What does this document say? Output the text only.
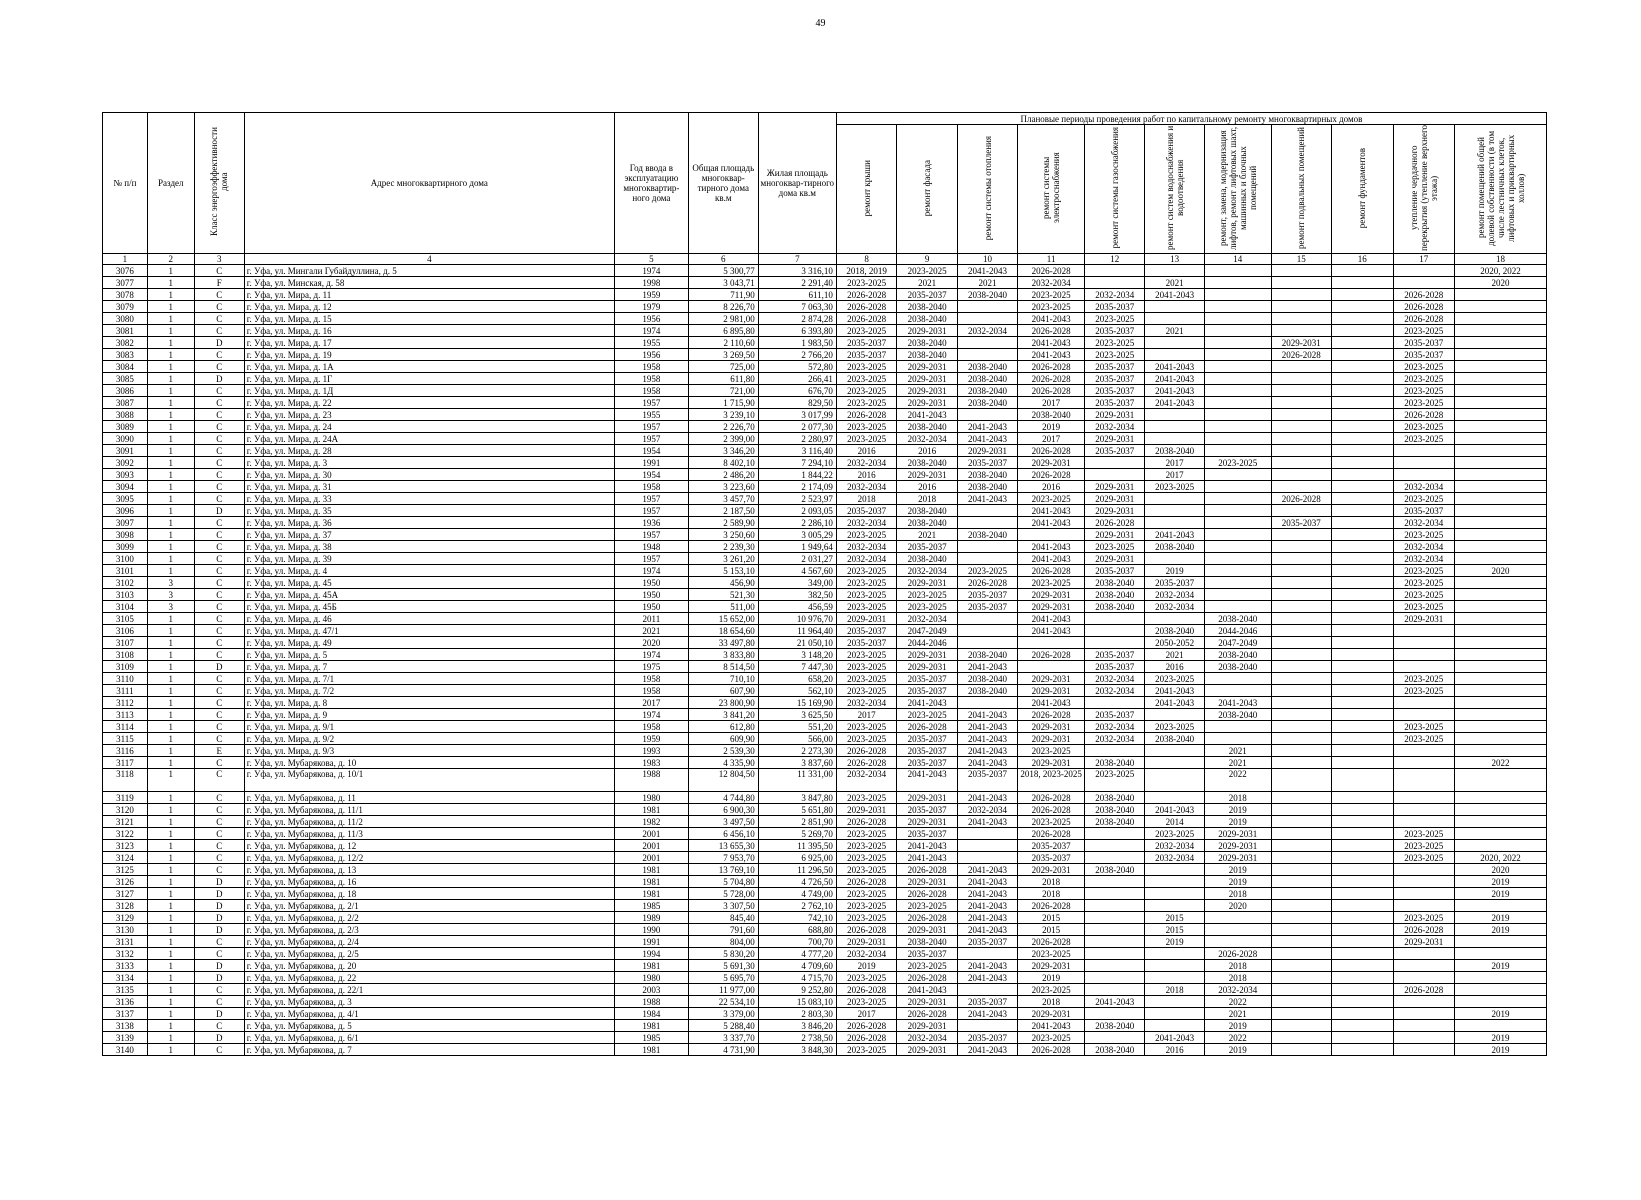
49
№ п/п	Раздел	Класс энергоэффективности дома	Адрес многоквартирного дома	Год ввода в эксплуатацию многоквартир-ного дома	Общая площадь многоквар-тирного дома кв.м	Жилая площадь многоквар-тирного дома кв.м	Плановые периоды проведения работ по капитальному ремонту многоквартирных домов										
							ремонт крыши	ремонт фасада	ремонт системы отопления	ремонт системы электроснабжения	ремонт системы газоснабжения	ремонт систем водоснабжения и водоотведения	ремонт, замена, модернизация лифтов, ремонт лифтовых шахт, машинных и блочных помещений	ремонт подвальных помещений	ремонт фундаментов	утепление чердачного перекрытия (утепление верхнего этажа)	ремонт помещений общей долевой собственности (в том числе лестничных клеток, лифтовых и приквартирных холлов)
1	2	3	4	5	6	7	8	9	10	11	12	13	14	15	16	17	18
3076	1	C	г. Уфа, ул. Мингали Губайдуллина, д. 5	1974	5 300,77	3 316,10	2018, 2019	2023-2025	2041-2043	2026-2028							2020, 2022
3077	1	F	г. Уфа, ул. Минская, д. 58	1998	3 043,71	2 291,40	2023-2025	2021	2021	2032-2034		2021					2020
3078	1	C	г. Уфа, ул. Мира, д. 11	1959	711,90	611,10	2026-2028	2035-2037	2038-2040	2023-2025	2032-2034	2041-2043				2026-2028	
3079	1	C	г. Уфа, ул. Мира, д. 12	1979	8 226,70	7 063,30	2026-2028	2038-2040		2023-2025	2035-2037					2026-2028	
3080	1	C	г. Уфа, ул. Мира, д. 15	1956	2 981,00	2 874,28	2026-2028	2038-2040		2041-2043	2023-2025					2026-2028	
3081	1	C	г. Уфа, ул. Мира, д. 16	1974	6 895,80	6 393,80	2023-2025	2029-2031	2032-2034	2026-2028	2035-2037	2021				2023-2025	
3082	1	D	г. Уфа, ул. Мира, д. 17	1955	2 110,60	1 983,50	2035-2037	2038-2040		2041-2043	2023-2025			2029-2031		2035-2037	
3083	1	C	г. Уфа, ул. Мира, д. 19	1956	3 269,50	2 766,20	2035-2037	2038-2040		2041-2043	2023-2025			2026-2028		2035-2037	
3084	1	C	г. Уфа, ул. Мира, д. 1А	1958	725,00	572,80	2023-2025	2029-2031	2038-2040	2026-2028	2035-2037	2041-2043				2023-2025	
3085	1	D	г. Уфа, ул. Мира, д. 1Г	1958	611,80	266,41	2023-2025	2029-2031	2038-2040	2026-2028	2035-2037	2041-2043				2023-2025	
3086	1	C	г. Уфа, ул. Мира, д. 1Д	1958	721,00	676,70	2023-2025	2029-2031	2038-2040	2026-2028	2035-2037	2041-2043				2023-2025	
3087	1	C	г. Уфа, ул. Мира, д. 22	1957	1 715,90	829,50	2023-2025	2029-2031	2038-2040	2017	2035-2037	2041-2043				2023-2025	
3088	1	C	г. Уфа, ул. Мира, д. 23	1955	3 239,10	3 017,99	2026-2028	2041-2043		2038-2040	2029-2031					2026-2028	
3089	1	C	г. Уфа, ул. Мира, д. 24	1957	2 226,70	2 077,30	2023-2025	2038-2040	2041-2043	2019	2032-2034					2023-2025	
3090	1	C	г. Уфа, ул. Мира, д. 24А	1957	2 399,00	2 280,97	2023-2025	2032-2034	2041-2043	2017	2029-2031					2023-2025	
3091	1	C	г. Уфа, ул. Мира, д. 28	1954	3 346,20	3 116,40	2016	2016	2029-2031	2026-2028	2035-2037	2038-2040					
3092	1	C	г. Уфа, ул. Мира, д. 3	1991	8 402,10	7 294,10	2032-2034	2038-2040	2035-2037	2029-2031		2017	2023-2025				
3093	1	C	г. Уфа, ул. Мира, д. 30	1954	2 486,20	1 844,22	2016	2029-2031	2038-2040	2026-2028		2017					
3094	1	C	г. Уфа, ул. Мира, д. 31	1958	3 223,60	2 174,09	2032-2034	2016	2038-2040	2016	2029-2031	2023-2025				2032-2034	
3095	1	C	г. Уфа, ул. Мира, д. 33	1957	3 457,70	2 523,97	2018	2018	2041-2043	2023-2025	2029-2031			2026-2028		2023-2025	
3096	1	D	г. Уфа, ул. Мира, д. 35	1957	2 187,50	2 093,05	2035-2037	2038-2040		2041-2043	2029-2031					2035-2037	
3097	1	C	г. Уфа, ул. Мира, д. 36	1936	2 589,90	2 286,10	2032-2034	2038-2040		2041-2043	2026-2028			2035-2037		2032-2034	
3098	1	C	г. Уфа, ул. Мира, д. 37	1957	3 250,60	3 005,29	2023-2025	2021	2038-2040		2029-2031	2041-2043				2023-2025	
3099	1	C	г. Уфа, ул. Мира, д. 38	1948	2 239,30	1 949,64	2032-2034	2035-2037		2041-2043	2023-2025	2038-2040				2032-2034	
3100	1	C	г. Уфа, ул. Мира, д. 39	1957	3 261,20	2 031,27	2032-2034	2038-2040		2041-2043	2029-2031					2032-2034	
3101	1	C	г. Уфа, ул. Мира, д. 4	1974	5 153,10	4 567,60	2023-2025	2032-2034	2023-2025	2026-2028	2035-2037	2019				2023-2025	2020
3102	3	C	г. Уфа, ул. Мира, д. 45	1950	456,90	349,00	2023-2025	2029-2031	2026-2028	2023-2025	2038-2040	2035-2037				2023-2025	
3103	3	C	г. Уфа, ул. Мира, д. 45А	1950	521,30	382,50	2023-2025	2023-2025	2035-2037	2029-2031	2038-2040	2032-2034				2023-2025	
3104	3	C	г. Уфа, ул. Мира, д. 45Б	1950	511,00	456,59	2023-2025	2023-2025	2035-2037	2029-2031	2038-2040	2032-2034				2023-2025	
3105	1	C	г. Уфа, ул. Мира, д. 46	2011	15 652,00	10 976,70	2029-2031	2032-2034		2041-2043			2038-2040			2029-2031	
3106	1	C	г. Уфа, ул. Мира, д. 47/1	2021	18 654,60	11 964,40	2035-2037	2047-2049		2041-2043		2038-2040	2044-2046				
3107	1	C	г. Уфа, ул. Мира, д. 49	2020	33 497,80	21 050,10	2035-2037	2044-2046				2050-2052	2047-2049				
3108	1	C	г. Уфа, ул. Мира, д. 5	1974	3 833,80	3 148,20	2023-2025	2029-2031	2038-2040	2026-2028	2035-2037	2021	2038-2040				
3109	1	D	г. Уфа, ул. Мира, д. 7	1975	8 514,50	7 447,30	2023-2025	2029-2031	2041-2043		2035-2037	2016	2038-2040				
3110	1	C	г. Уфа, ул. Мира, д. 7/1	1958	710,10	658,20	2023-2025	2035-2037	2038-2040	2029-2031	2032-2034	2023-2025				2023-2025	
3111	1	C	г. Уфа, ул. Мира, д. 7/2	1958	607,90	562,10	2023-2025	2035-2037	2038-2040	2029-2031	2032-2034	2041-2043				2023-2025	
3112	1	C	г. Уфа, ул. Мира, д. 8	2017	23 800,90	15 169,90	2032-2034	2041-2043		2041-2043		2041-2043	2041-2043				
3113	1	C	г. Уфа, ул. Мира, д. 9	1974	3 841,20	3 625,50	2017	2023-2025	2041-2043	2026-2028	2035-2037		2038-2040				
3114	1	C	г. Уфа, ул. Мира, д. 9/1	1958	612,80	551,20	2023-2025	2026-2028	2041-2043	2029-2031	2032-2034	2023-2025				2023-2025	
3115	1	C	г. Уфа, ул. Мира, д. 9/2	1959	609,90	566,00	2023-2025	2035-2037	2041-2043	2029-2031	2032-2034	2038-2040				2023-2025	
3116	1	E	г. Уфа, ул. Мира, д. 9/3	1993	2 539,30	2 273,30	2026-2028	2035-2037	2041-2043	2023-2025			2021				
3117	1	C	г. Уфа, ул. Мубарякова, д. 10	1983	4 335,90	3 837,60	2026-2028	2035-2037	2041-2043	2029-2031	2038-2040		2021				2022
3118	1	C	г. Уфа, ул. Мубарякова, д. 10/1	1988	12 804,50	11 331,00	2032-2034	2041-2043	2035-2037	2018, 2023-2025	2023-2025		2022				
3119	1	C	г. Уфа, ул. Мубарякова, д. 11	1980	4 744,80	3 847,80	2023-2025	2029-2031	2041-2043	2026-2028	2038-2040		2018				
3120	1	C	г. Уфа, ул. Мубарякова, д. 11/1	1981	6 900,30	5 651,80	2029-2031	2035-2037	2032-2034	2026-2028	2038-2040	2041-2043	2019				
3121	1	C	г. Уфа, ул. Мубарякова, д. 11/2	1982	3 497,50	2 851,90	2026-2028	2029-2031	2041-2043	2023-2025	2038-2040	2014	2019				
3122	1	C	г. Уфа, ул. Мубарякова, д. 11/3	2001	6 456,10	5 269,70	2023-2025	2035-2037		2026-2028		2023-2025	2029-2031			2023-2025	
3123	1	C	г. Уфа, ул. Мубарякова, д. 12	2001	13 655,30	11 395,50	2023-2025	2041-2043		2035-2037		2032-2034	2029-2031			2023-2025	
3124	1	C	г. Уфа, ул. Мубарякова, д. 12/2	2001	7 953,70	6 925,00	2023-2025	2041-2043		2035-2037		2032-2034	2029-2031			2023-2025	2020, 2022
3125	1	C	г. Уфа, ул. Мубарякова, д. 13	1981	13 769,10	11 296,50	2023-2025	2026-2028	2041-2043	2029-2031	2038-2040		2019				2020
3126	1	D	г. Уфа, ул. Мубарякова, д. 16	1981	5 704,80	4 726,50	2026-2028	2029-2031	2041-2043	2018			2019				2019
3127	1	D	г. Уфа, ул. Мубарякова, д. 18	1981	5 728,00	4 749,00	2023-2025	2026-2028	2041-2043	2018			2018				2019
3128	1	D	г. Уфа, ул. Мубарякова, д. 2/1	1985	3 307,50	2 762,10	2023-2025	2023-2025	2041-2043	2026-2028			2020				
3129	1	D	г. Уфа, ул. Мубарякова, д. 2/2	1989	845,40	742,10	2023-2025	2026-2028	2041-2043	2015		2015				2023-2025	2019
3130	1	D	г. Уфа, ул. Мубарякова, д. 2/3	1990	791,60	688,80	2026-2028	2029-2031	2041-2043	2015		2015				2026-2028	2019
3131	1	C	г. Уфа, ул. Мубарякова, д. 2/4	1991	804,00	700,70	2029-2031	2038-2040	2035-2037	2026-2028		2019				2029-2031	
3132	1	C	г. Уфа, ул. Мубарякова, д. 2/5	1994	5 830,20	4 777,20	2032-2034	2035-2037		2023-2025			2026-2028				
3133	1	D	г. Уфа, ул. Мубарякова, д. 20	1981	5 691,30	4 709,60	2019	2023-2025	2041-2043	2029-2031			2018				2019
3134	1	D	г. Уфа, ул. Мубарякова, д. 22	1980	5 695,70	4 715,70	2023-2025	2026-2028	2041-2043	2019			2018				
3135	1	C	г. Уфа, ул. Мубарякова, д. 22/1	2003	11 977,00	9 252,80	2026-2028	2041-2043		2023-2025		2018	2032-2034			2026-2028	
3136	1	C	г. Уфа, ул. Мубарякова, д. 3	1988	22 534,10	15 083,10	2023-2025	2029-2031	2035-2037	2018	2041-2043		2022				
3137	1	D	г. Уфа, ул. Мубарякова, д. 4/1	1984	3 379,00	2 803,30	2017	2026-2028	2041-2043	2029-2031			2021				2019
3138	1	C	г. Уфа, ул. Мубарякова, д. 5	1981	5 288,40	3 846,20	2026-2028	2029-2031		2041-2043	2038-2040		2019				
3139	1	D	г. Уфа, ул. Мубарякова, д. 6/1	1985	3 337,70	2 738,50	2026-2028	2032-2034	2035-2037	2023-2025		2041-2043	2022				2019
3140	1	C	г. Уфа, ул. Мубарякова, д. 7	1981	4 731,90	3 848,30	2023-2025	2029-2031	2041-2043	2026-2028	2038-2040	2016	2019				2019
